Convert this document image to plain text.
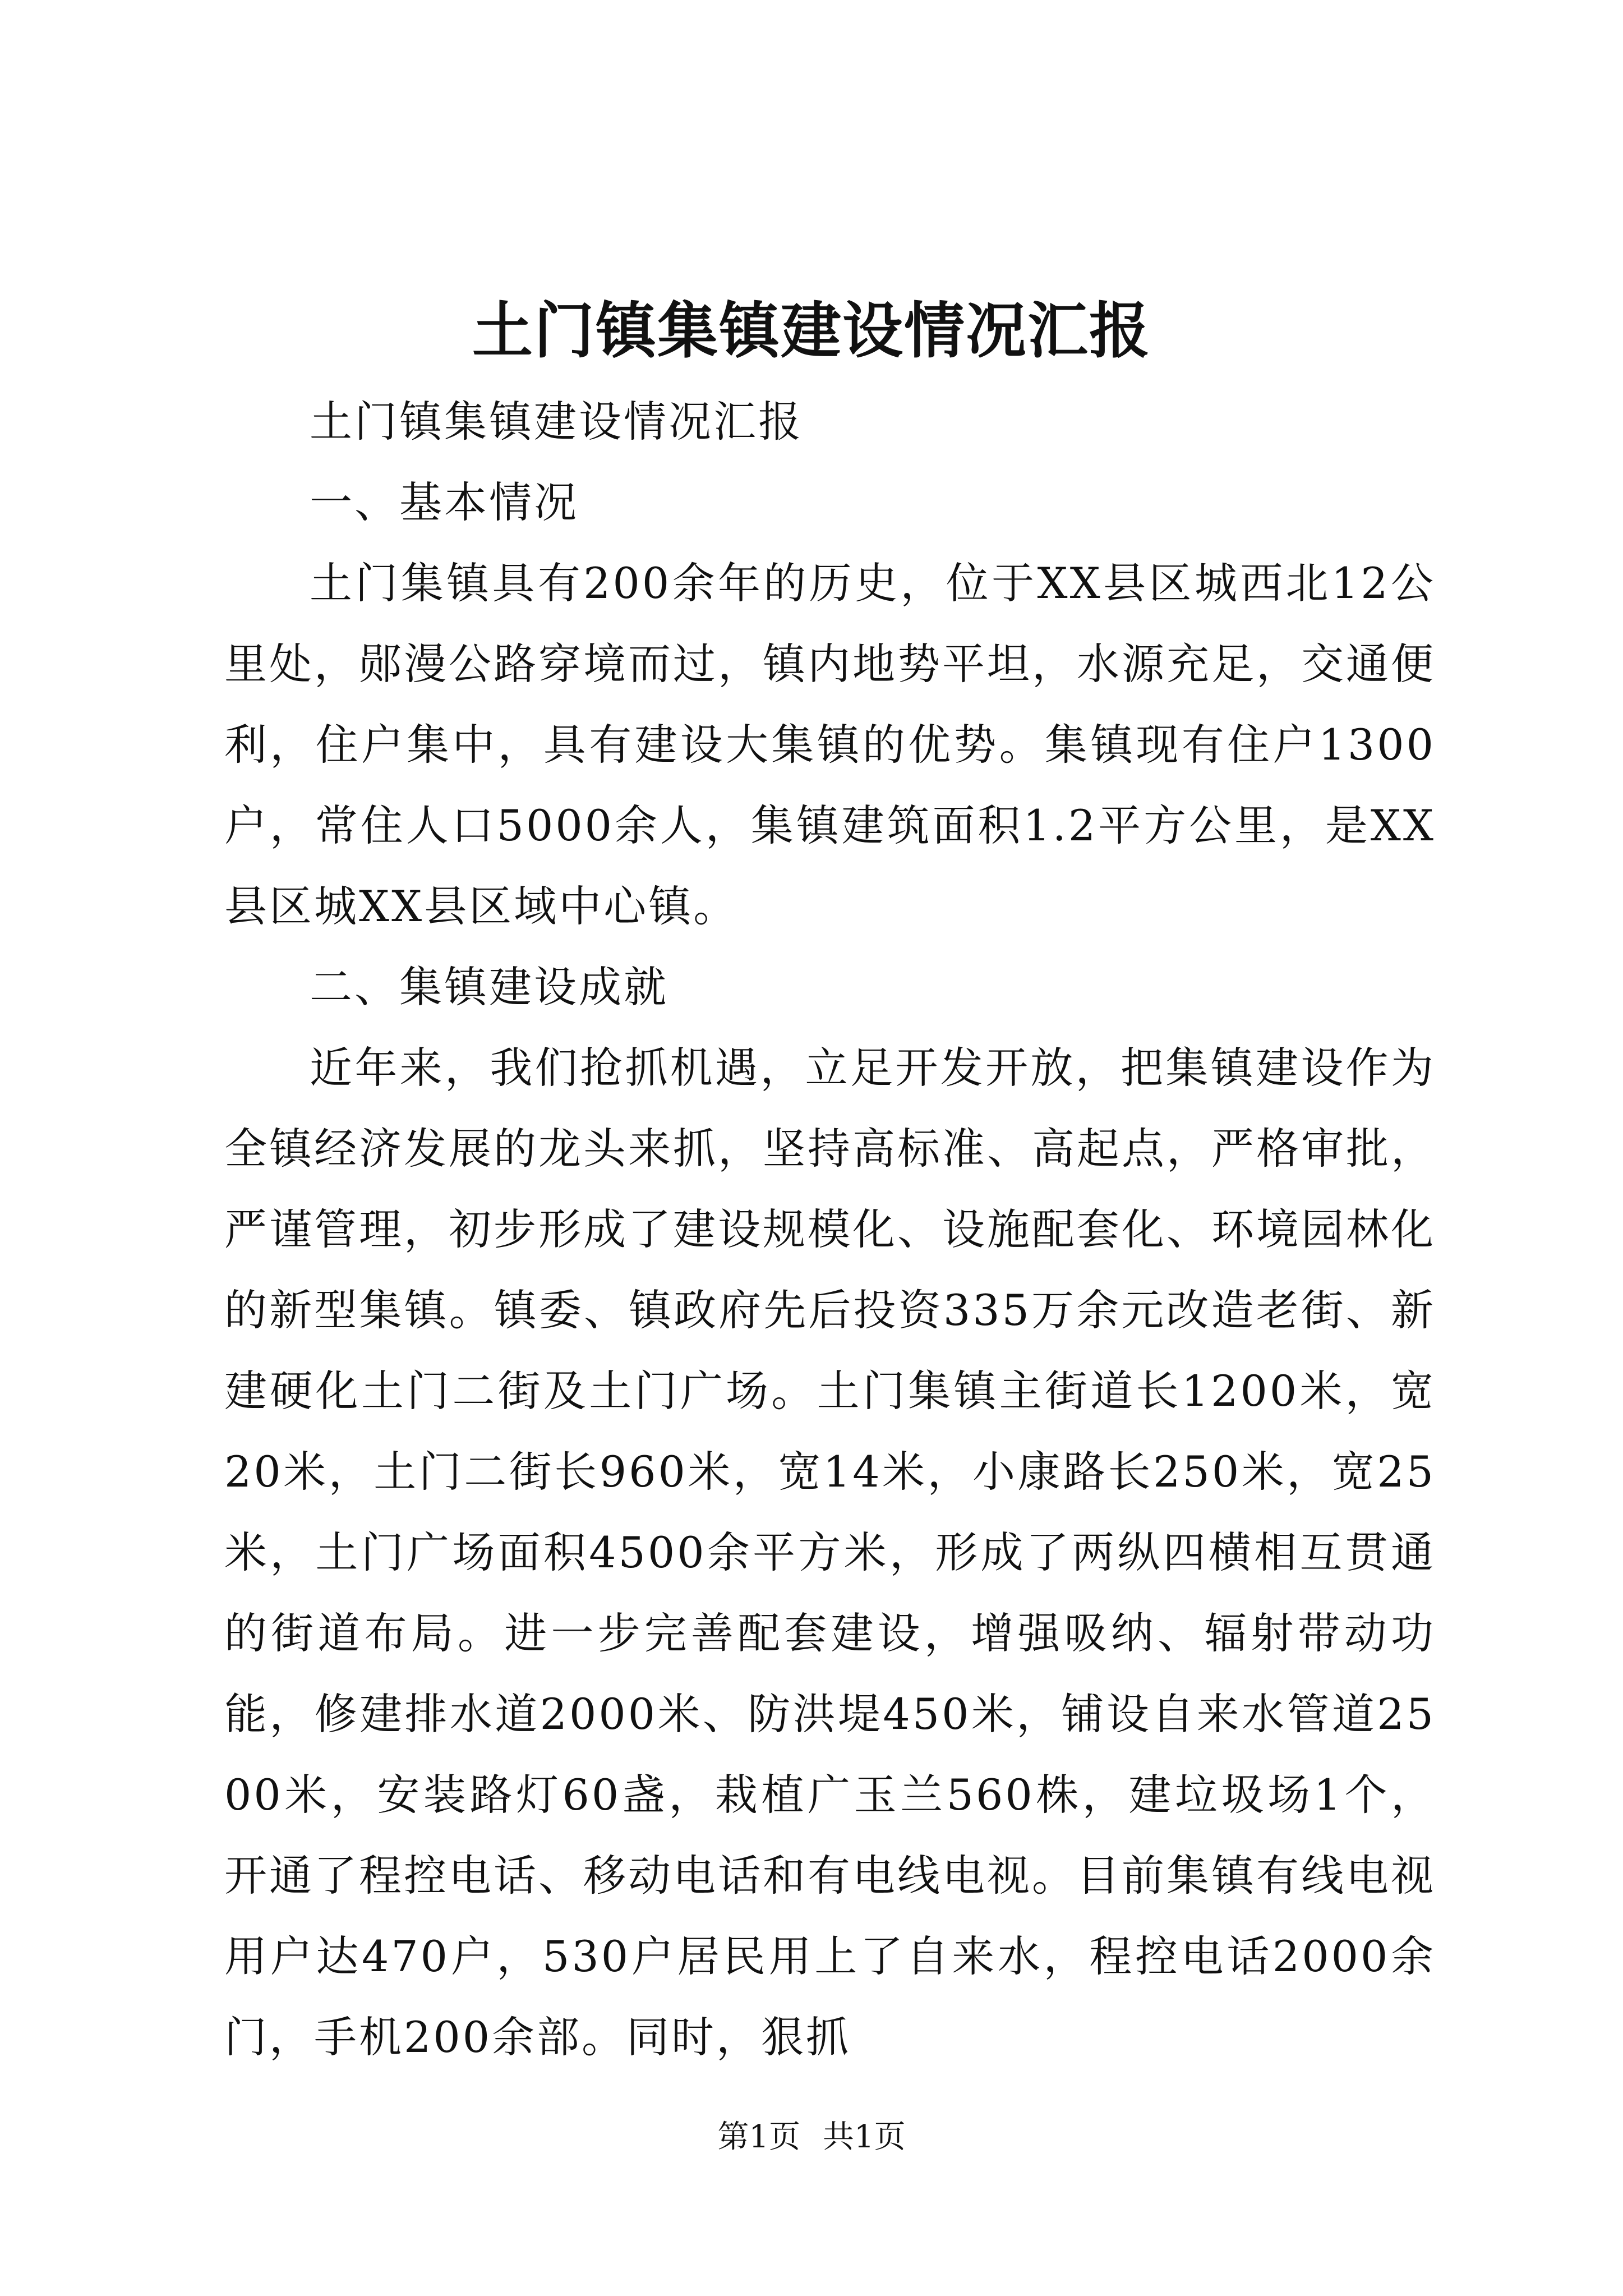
土门镇集镇建设情况汇报

土门镇集镇建设情况汇报

一、基本情况

土门集镇具有200余年的历史，位于XX县区城西北12公里处，郧漫公路穿境而过，镇内地势平坦，水源充足，交通便利，住户集中，具有建设大集镇的优势。集镇现有住户1300户，常住人口5000余人，集镇建筑面积1.2平方公里，是XX县区城XX县区域中心镇。

二、集镇建设成就

近年来，我们抢抓机遇，立足开发开放，把集镇建设作为全镇经济发展的龙头来抓，坚持高标准、高起点，严格审批，严谨管理，初步形成了建设规模化、设施配套化、环境园林化的新型集镇。镇委、镇政府先后投资335万余元改造老街、新建硬化土门二街及土门广场。土门集镇主街道长1200米，宽20米，土门二街长960米，宽14米，小康路长250米，宽25米，土门广场面积4500余平方米，形成了两纵四横相互贯通的街道布局。进一步完善配套建设，增强吸纳、辐射带动功能，修建排水道2000米、防洪堤450米，铺设自来水管道2500米，安装路灯60盏，栽植广玉兰560株，建垃圾场1个，开通了程控电话、移动电话和有电线电视。目前集镇有线电视用户达470户，530户居民用上了自来水，程控电话2000余门，手机200余部。同时，狠抓

第1页 共1页
